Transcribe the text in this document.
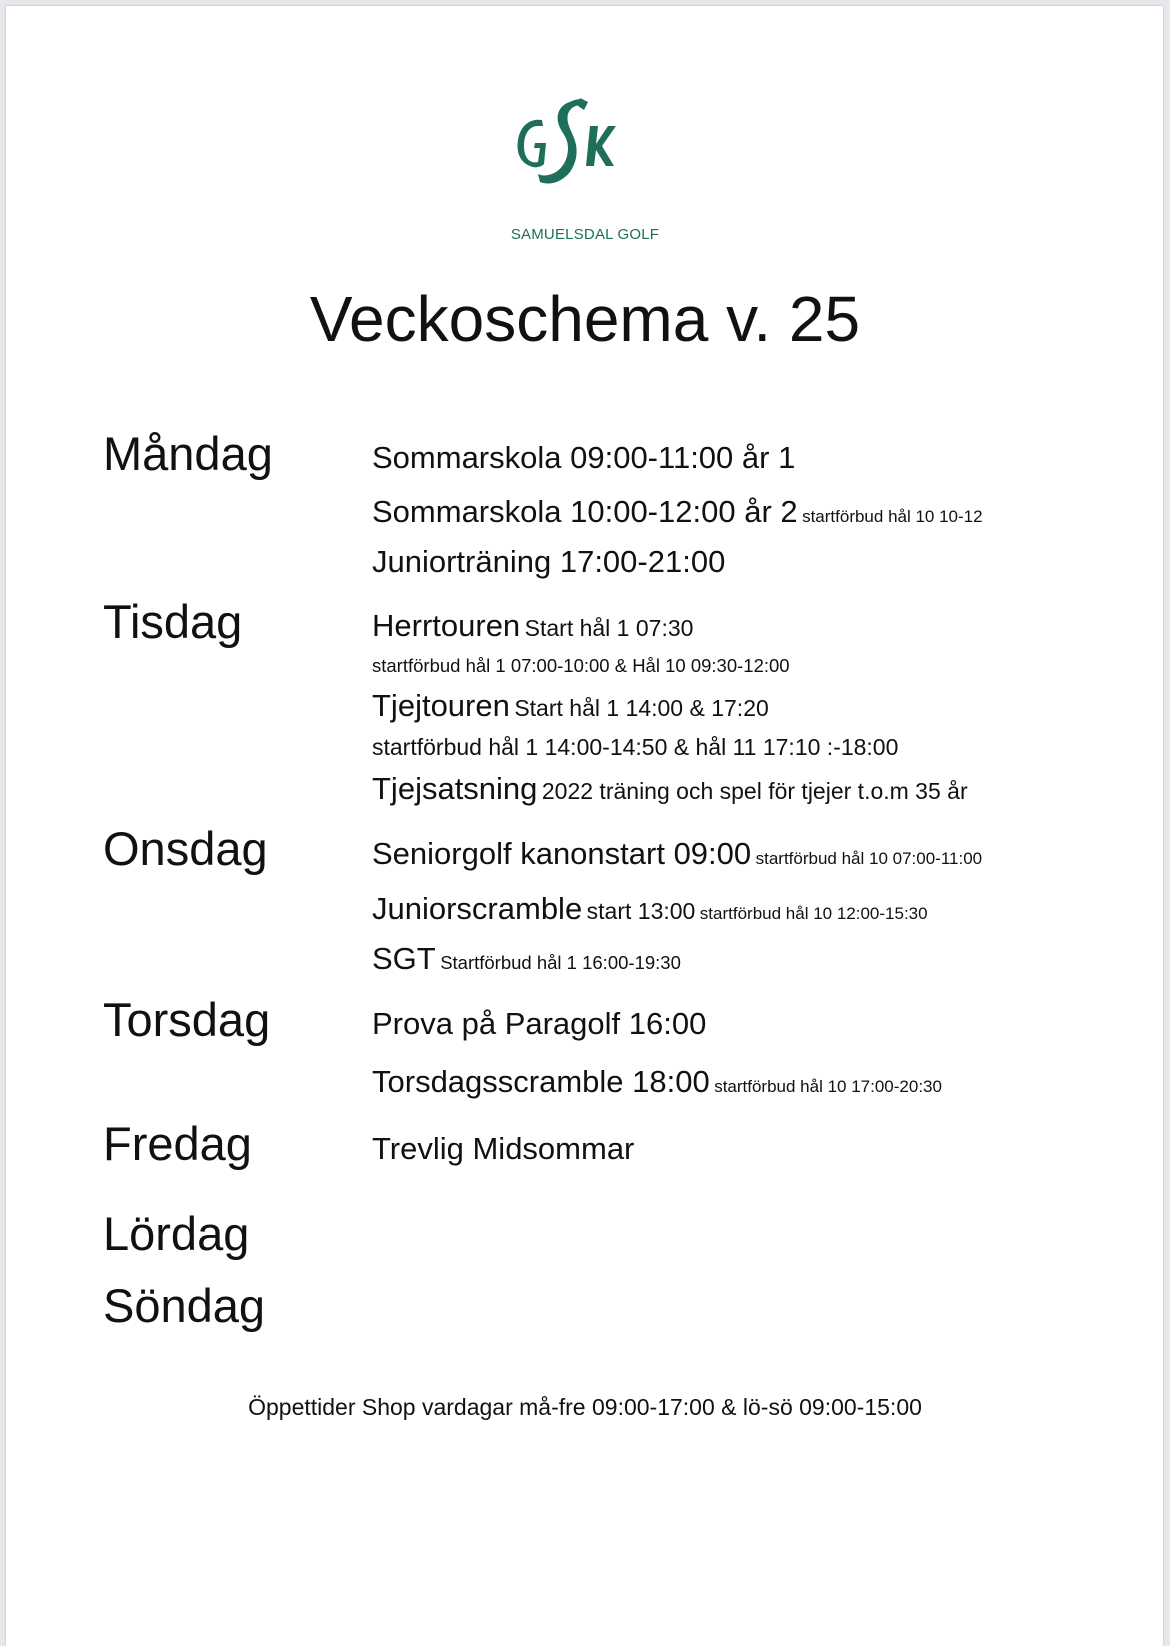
SAMUELSDAL GOLF
Veckoschema v. 25
Måndag	Sommarskola 09:00-11:00 år 1
Sommarskola 10:00-12:00 år 2 startförbud hål 10 10-12
Juniorträning 17:00-21:00
Tisdag	Herrtouren Start hål 1 07:30
startförbud hål 1 07:00-10:00 & Hål 10 09:30-12:00
Tjejtouren Start hål 1 14:00 & 17:20
startförbud hål 1 14:00-14:50 & hål 11 17:10 :-18:00
Tjejsatsning 2022 träning och spel för tjejer t.o.m 35 år
Onsdag	Seniorgolf kanonstart 09:00 startförbud hål 10 07:00-11:00
Juniorscramble start 13:00 startförbud hål 10 12:00-15:30
SGT Startförbud hål 1 16:00-19:30
Torsdag	Prova på Paragolf 16:00
Torsdagsscramble 18:00 startförbud hål 10 17:00-20:30
Fredag	Trevlig Midsommar
Lördag
Söndag
Öppettider Shop vardagar må-fre 09:00-17:00 & lö-sö 09:00-15:00
